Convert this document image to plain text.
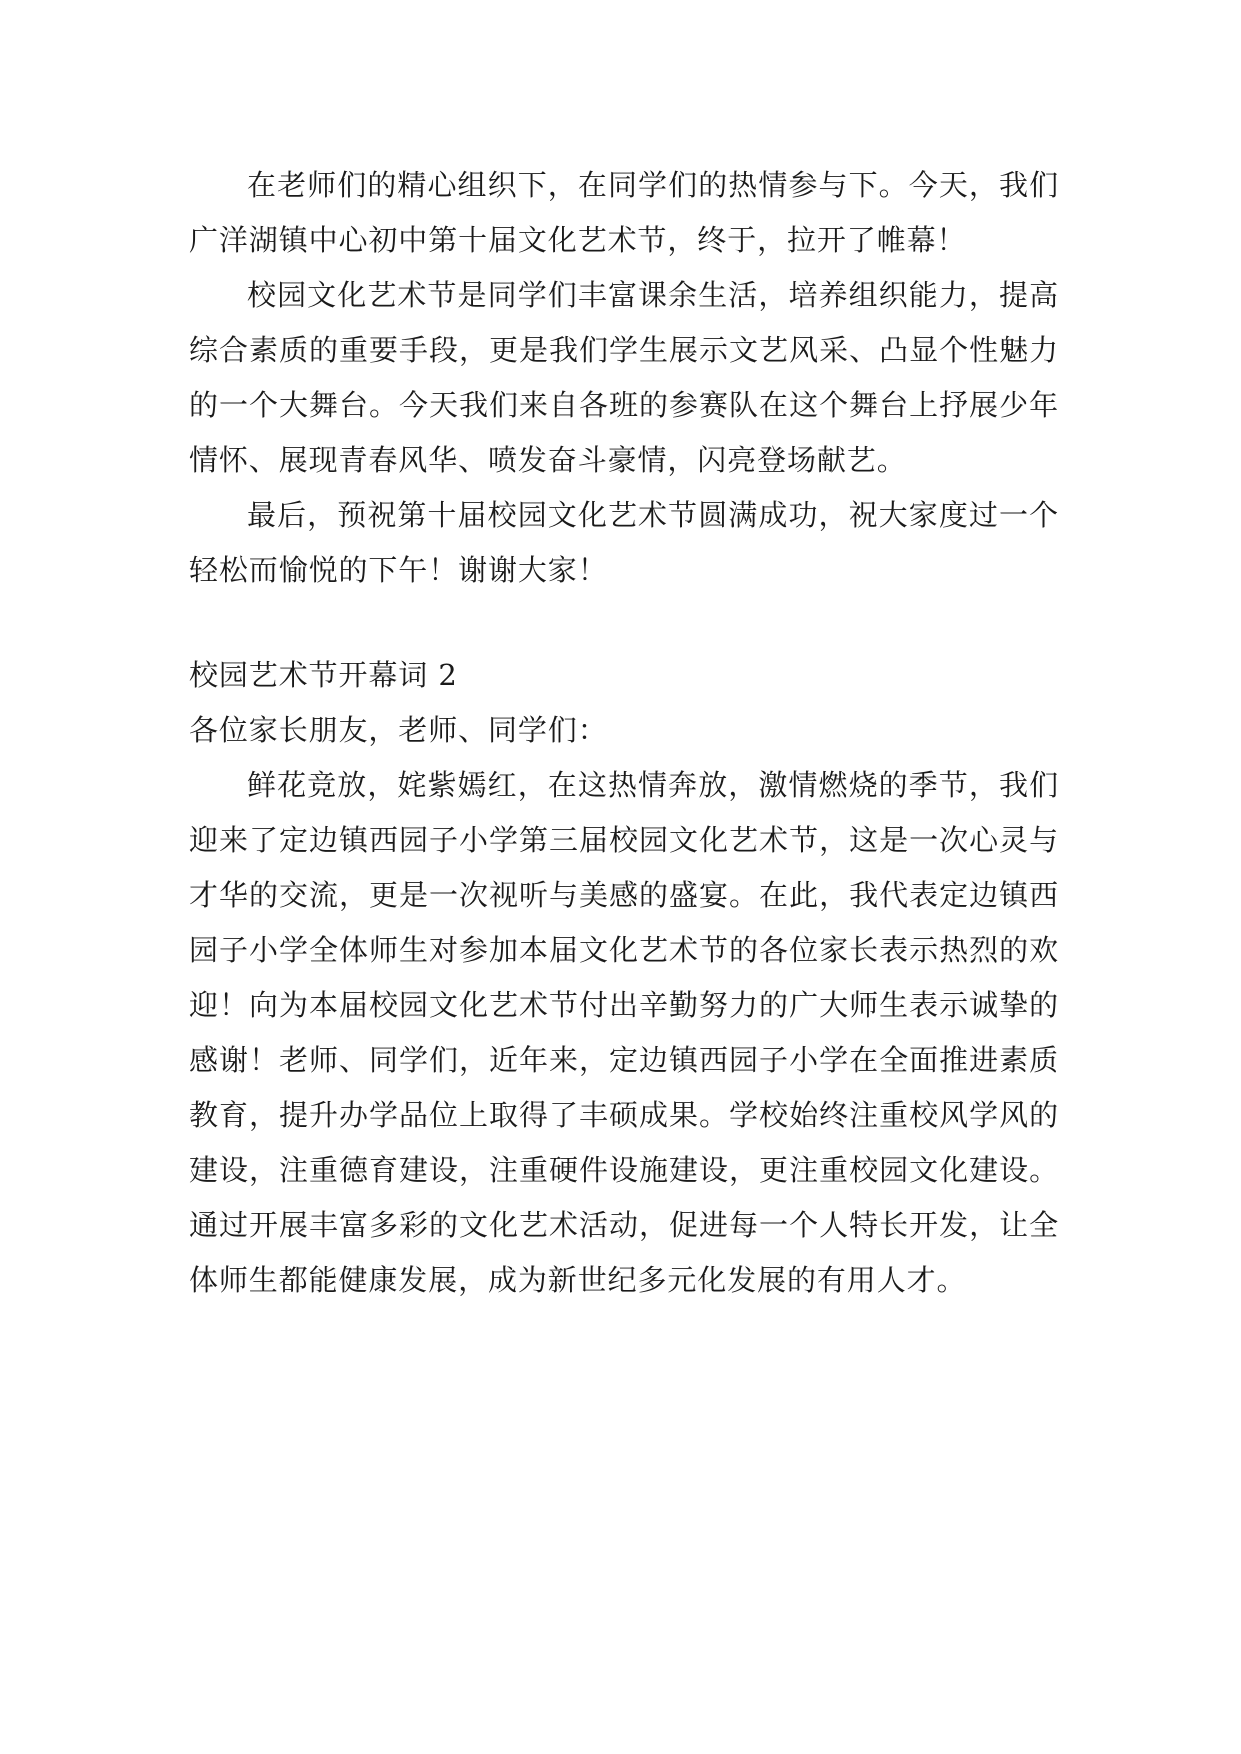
在老师们的精心组织下，在同学们的热情参与下。今天，我们广洋湖镇中心初中第十届文化艺术节，终于，拉开了帷幕！

校园文化艺术节是同学们丰富课余生活，培养组织能力，提高综合素质的重要手段，更是我们学生展示文艺风采、凸显个性魅力的一个大舞台。今天我们来自各班的参赛队在这个舞台上抒展少年情怀、展现青春风华、喷发奋斗豪情，闪亮登场献艺。

最后，预祝第十届校园文化艺术节圆满成功，祝大家度过一个轻松而愉悦的下午！谢谢大家！

校园艺术节开幕词 2

各位家长朋友，老师、同学们：

鲜花竞放，姹紫嫣红，在这热情奔放，激情燃烧的季节，我们迎来了定边镇西园子小学第三届校园文化艺术节，这是一次心灵与才华的交流，更是一次视听与美感的盛宴。在此，我代表定边镇西园子小学全体师生对参加本届文化艺术节的各位家长表示热烈的欢迎！向为本届校园文化艺术节付出辛勤努力的广大师生表示诚挚的感谢！老师、同学们，近年来，定边镇西园子小学在全面推进素质教育，提升办学品位上取得了丰硕成果。学校始终注重校风学风的建设，注重德育建设，注重硬件设施建设，更注重校园文化建设。通过开展丰富多彩的文化艺术活动，促进每一个人特长开发，让全体师生都能健康发展，成为新世纪多元化发展的有用人才。
